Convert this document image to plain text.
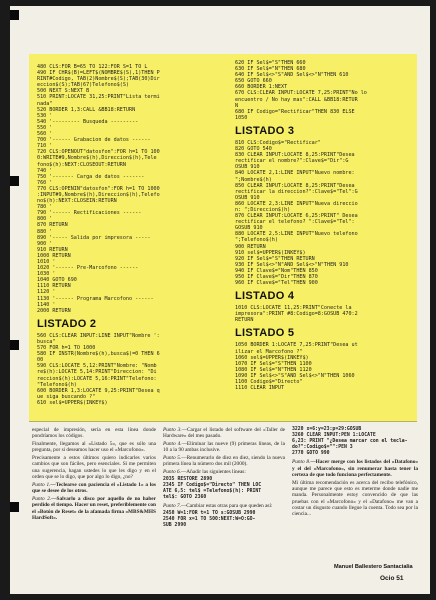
480 CLS:FOR B=65 TO 122:FOR S=1 TO L
490 IF CHR$(B)=LEFT$(NOMBRE$(S),1)THEN P
RINT#Codigo, TAB(2)Nombre$(S);TAB(30)Dir
eccion$(S);TAB(67)Telefono$(S)
500 NEXT S:NEXT B
510 PRINT:LOCATE 31,25:PRINT"Lista termi
nada"
520 BORDER 1,3:CALL &BB18:RETURN
530 '
540 '--------- Busqueda ---------
550 '
560 '
700 '------ Grabacion de datos ------
710 '
720 CLS:OPENOUT"datosfon":FOR h=1 TO 100
0:WRITE#9,Nombre$(h),Direccion$(h),Tele
fono$(h):NEXT:CLOSEOUT:RETURN
740 '
750 '------- Carga de datos -------
760 '
770 CLS:OPENIN"datosfon":FOR h=1 TO 1000
:INPUT#9,Nombre$(h),Direccion$(h),Telefo
no$(h):NEXT:CLOSEIN:RETURN
780 '
790 '------ Rectificaciones ------
800 '
870 RETURN
880 '
890 '----- Salida por impresora -----
900 '
910 RETURN
1000 RETURN
1010 '
1020 '------ Pre-Marcofono ------
1030 '
1040 GOTO 690
1110 RETURN
1120 '
1130 '------ Programa Marcofono ------
1140 '
2000 RETURN
LISTADO 2
560 CLS:CLEAR INPUT:LINE INPUT"Nombre ':
busca"
570 FOR h=1 TO 1000
580 IF INSTR(Nombre$(h),busca$)=0 THEN 6
00
590 CLS:LOCATE 5,12:PRINT"Nombre: "Nomb
re$(h):LOCATE 5,14:PRINT"Direccion: "Di
reccion$(h):LOCATE 5,16:PRINT"Telefono:
"Telefono$(h)
600 BORDER 1,3:LOCATE 9,25:PRINT"Desea q
ue siga buscando ?"
610 sel$=UPPER$(INKEY$)
620 IF Sel$="S"THEN 660
630 IF Sel$="N"THEN 680
640 IF Sel$<>"S"AND Sel$<>"N"THEN 610
650 GOTO 660
660 BORDER 1:NEXT
670 CLS:CLEAR INPUT:LOCATE 7,25:PRINT"No lo
encuentro / No hay mas":CALL &BB18:RETUR
N
680 IF Codigo="Rectificar"THEN 830 ELSE
1050
LISTADO 3
810 CLS:Codigo$="Rectificar"
820 GOTO 540
830 CLEAR INPUT:LOCATE 8,25:PRINT"Desea
rectificar el nombre?":Clave$="Dir":G
OSUB 910
840 LOCATE 2,1:LINE INPUT"Nuevo nombre:
";Nombre$(h)
850 CLEAR INPUT:LOCATE 8,25:PRINT"Desea
rectificar la direccion?":Clave$="Tel":G
OSUB 910
860 LOCATE 2,3:LINE INPUT"Nueva direccio
n: ";Direccion$(h)
870 CLEAR INPUT:LOCATE 6,25:PRINT" Desea
rectificar el telefono? ":Clave$="Tel":
GOSUB 910
880 LOCATE 2,5:LINE INPUT"Nuevo telefono
";Telefono$(h)
900 RETURN
910 sel$=UPPER$(INKEY$)
920 IF Sel$="S"THEN RETURN
930 IF Sel$<>"N"AND Sel$<>"N"THEN 910
940 IF Clave$="Nom"THEN 850
950 IF Clave$="Dir"THEN 870
960 IF Clave$="Tel"THEN 900
LISTADO 4
1010 CLS:LOCATE 11,25:PRINT"Conecte la
impresora":PRINT #8:Codigo=8:GOSUB 470:2
RETURN
LISTADO 5
1050 BORDER 1:LOCATE 7,25:PRINT"Desea ut
ilizar el Marcofono ?"
1060 sel$=UPPER$(INKEY$)
1070 IF Sel$="S"THEN 1100
1080 IF Sel$="N"THEN 1120
1090 IF Sel$<>"S"AND Sel$<>"N"THEN 1060
1100 Codigo$="Directo"
1110 CLEAR INPUT

especial de impresión, sería en esta línea donde pondríamos los códigos.

Finalmente, llegamos al «Listado 5», que es sólo una pregunta, por si deseamos hacer uso el «Marcofono».

Precisamente a estos últimos quiero indicarles varios cambios que son fáciles, pero esenciales. Si me permiten una sugerencia, hagan ustedes lo que les digo y en el orden que se lo digo, que por algo lo digo, ¿no?

Punto 1.—Teclearse con paciencia el «Listado 1» a los que se desee de los otros.

Punto 2.—Salvarlo a disco por aquello de no haber perdido el tiempo. Hacer un reset, preferiblemente con el «Botón de Reset» de la afamada firma «MBS&MHS HardSoft».

Punto 3.—Cargar el listado del software del «Taller de Hardware» del mes pasado.

Punto 4.—Eliminar las nueve (9) primeras líneas, de la 10 a la 90 ambas inclusive.

Punto 5.—Renumerarlo de diez en diez, siendo la nueva primera línea la número dos mil (2000).

Punto 6.—Añadir las siguientes líneas:

2035 RESTORE 2890
2345 IF Codigo$="Directo" THEN LOC
ATE 6,5: tel$ =Telefono$(h): PRINT
tel$: GOTO 2360

Punto 7.—Cambiar estas otras para que queden así:

2450 W=1:FOR t=1 TO s:GOSUB 2990
2540 FOR x=1 TO 500:NEXT:W=O:GO-
SUB 2990
3220 x=6:y=23:p=29:GOSUB
3260 CLEAR INPUT:PEN 1:LOCATE
6,23: PRINT "¿Desea marcar con el tecla-
do?":Codigo$="":PEN 3
2770 GOTO 990

Punto 8.—Hacer merge con los listados del «Datafono» y el del «Marcofono», sin renumerar hasta tener la certeza de que todo funciona perfectamente.

Mi última recomendación es acerca del recibo telefónico, aunque me parece que esto es meterme donde nadie me manda. Personalmente estoy convencido de que las pruebas con el «Marcofono» y el «Datafono» me van a costar un disgusto cuando llegue la cuenta. Todo sea por la ciencia...

Manuel Ballestero Santacialia
Ocio 51
